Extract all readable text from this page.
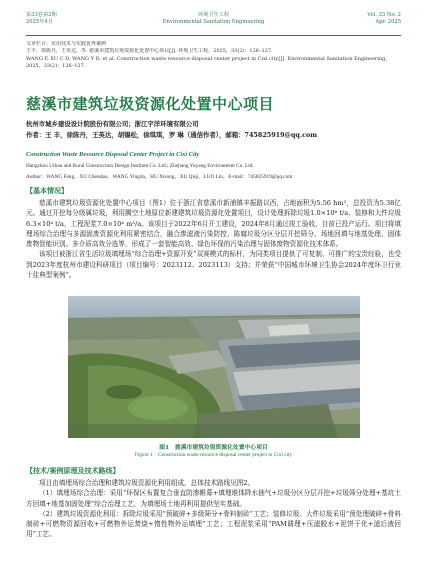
第33卷第2期
2025年4月
环境卫生工程
Environmental Sanitation Engineering
Vol. 33 No. 2
Apr. 2025
文章栏目：实用技术与实践优秀案例
王丰，徐陈丹，王英达，等. 慈溪市建筑垃圾资源化处置中心项目[J]. 环境卫生工程，2025，33(2)：126–127.
WANG F, XU C D, WANG Y D, et al. Construction waste resource disposal center project in Cixi city[J]. Environmental Sanitation Engineering，
2025，33(2)：126–127.
慈溪市建筑垃圾资源化处置中心项目
杭州市城乡建设设计院股份有限公司；浙江宇洋环境有限公司
作者：王 丰，徐陈丹，王英达，胡锡松，徐琪琪，罗 琳（通信作者），邮箱：745825919@qq.com
Construction Waste Resource Disposal Center Project in Cixi City
Hangzhou Urban and Rural Construction Design Institute Co. Ltd.; Zhejiang Yuyang Environment Co. Ltd.
Author：WANG Feng，XU Chendan，WANG Yingda，HU Xisong，XU Qiqi，LUO Lin，E-mail：745825919@qq.com
【基本情况】

慈溪市建筑垃圾资源化处置中心项目（图1）位于浙江省慈溪市新浦镇丰振路以西，占地面积为5.56 hm²，总投资为5.38亿元。通过开挖每分级属垃圾，利用腾空土地原位新建建筑垃圾资源化处置项目，设计处理拆除垃圾1.0×10⁶ t/a、装修和大件垃圾6.3×10⁴ t/a，工程泥浆7.0×10⁴ m³/a。该项目于2022年6月开工建设，2024年8月通过竣工验收，目前已投产运行。项目将填埋场综合治理与多源固废资源化利用紧密结合，融合渗滤液污染防控、陈腐垃圾分区分层开挖筛分、场地回填与地基处理、固体废物智能识别、多介质高效分选等，形成了一套智能高效、绿色环保的污染治理与固体废物资源化技术体系。

该项目被浙江省生活垃圾填埋场“综合治理+资源开发”双赛模式的标杆，为同类项目提供了可复制、可推广的宝贵经验，也受到2023年度杭州市建设科研项目（项目编号：2023112、2023113）支持；并荣获“中国城市环境卫生协会2024年度环卫行业十佳典型案例”。

图1　慈溪市建筑垃圾资源化处置中心项目
Figure 1　Construction waste resource disposal center project in Cixi city
【技术/案例原理及技术路线】

项目由填埋场综合治理和建筑垃圾资源化利用组成，总体技术路线见图2。

（1）填埋场综合治理：采用“环保区布置复合垂直防渗帷幕+填埋堆体降水抽气+垃圾分区分层开挖+垃圾筛分处理+基坑土方回填+地基加固处理”综合治理工艺，为填埋场土地再利用提供坚实基础。

（2）建筑垃圾资源化利用：拆除垃圾采用“预破碎+多级筛分+骨料制砖”工艺；装修垃圾、大件垃圾采用“预处理破碎+骨料制砖+可燃物资源回收+可燃物外运焚烧+惰性物外运填埋”工艺；工程泥浆采用“PAM调理+压滤脱水+泥饼干化+滤后液回用”工艺。
